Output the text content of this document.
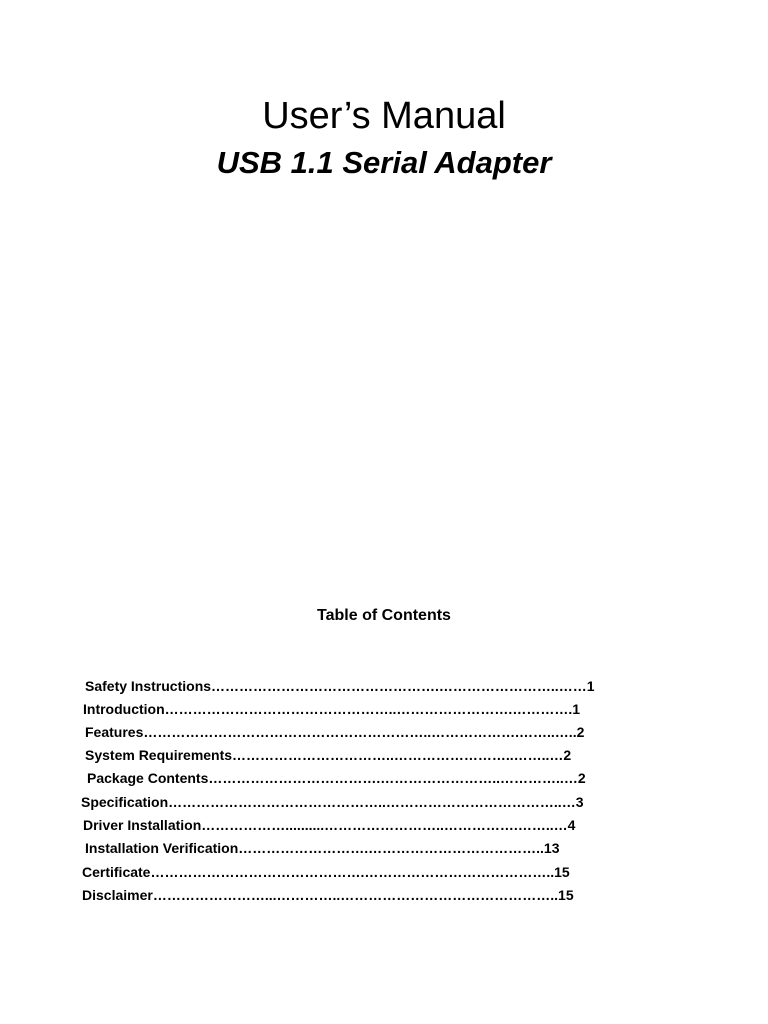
User’s Manual
USB 1.1 Serial Adapter
Table of Contents
Safety Instructions………………………………………….……………………..……1
Introduction…………………………………………..…………………….………….1
Features……………………………………………………..……………….……..…..2
System Requirements……………………………..……………………..……..…2
Package Contents……………………………….……………………..…………..…2
Specification………………………………………..………………………………..…3
Driver Installation………………..........……………………..…………….……..…4
Installation Verification……………………….………………………………..13
Certificate……………………………………….…………………………………..15
Disclaimer……………………...…………..………………………………………..15
